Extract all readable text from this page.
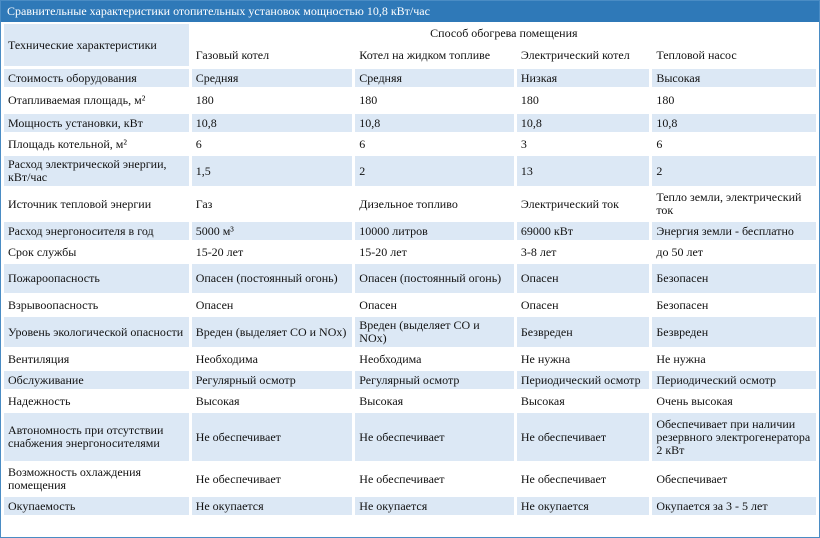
Сравнительные характеристики отопительных установок мощностью 10,8 кВт/час
Технические характеристики	Способ обогрева помещения			
	Газовый котел	Котел на жидком топливе	Электрический котел	Тепловой насос
Стоимость оборудования	Средняя	Средняя	Низкая	Высокая
Отапливаемая площадь, м²	180	180	180	180
Мощность установки, кВт	10,8	10,8	10,8	10,8
Площадь котельной, м²	6	6	3	6
Расход электрической энергии, кВт/час	1,5	2	13	2
Источник тепловой энергии	Газ	Дизельное топливо	Электрический ток	Тепло земли, электрический ток
Расход энергоносителя в год	5000 м³	10000 литров	69000 кВт	Энергия земли - бесплатно
Срок службы	15-20 лет	15-20 лет	3-8 лет	до 50 лет
Пожароопасность	Опасен (постоянный огонь)	Опасен (постоянный огонь)	Опасен	Безопасен
Взрывоопасность	Опасен	Опасен	Опасен	Безопасен
Уровень экологической опасности	Вреден (выделяет CO и NOx)	Вреден (выделяет CO и NOx)	Безвреден	Безвреден
Вентиляция	Необходима	Необходима	Не нужна	Не нужна
Обслуживание	Регулярный осмотр	Регулярный осмотр	Периодический осмотр	Периодический осмотр
Надежность	Высокая	Высокая	Высокая	Очень высокая
Автономность при отсутствии снабжения энергоносителями	Не обеспечивает	Не обеспечивает	Не обеспечивает	Обеспечивает при наличии резервного электрогенератора 2 кВт
Возможность охлаждения помещения	Не обеспечивает	Не обеспечивает	Не обеспечивает	Обеспечивает
Окупаемость	Не окупается	Не окупается	Не окупается	Окупается за 3 - 5 лет
